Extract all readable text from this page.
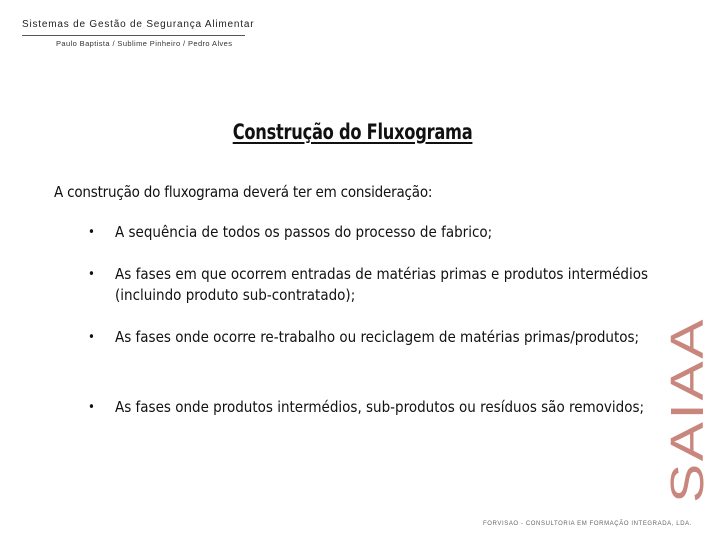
Sistemas de Gestão de Segurança Alimentar
Paulo Baptista / Sublime Pinheiro / Pedro Alves
Construção do Fluxograma
A construção do fluxograma deverá ter em consideração:
• A sequência de todos os passos do processo de fabrico;
• As fases em que ocorrem entradas de matérias primas e produtos intermédios (incluindo produto sub-contratado);
• As fases onde ocorre re-trabalho ou reciclagem de matérias primas/produtos;
• As fases onde produtos intermédios, sub-produtos ou resíduos são removidos; SAIAA
FORVISAO - CONSULTORIA EM FORMAÇÃO INTEGRADA, LDA.
